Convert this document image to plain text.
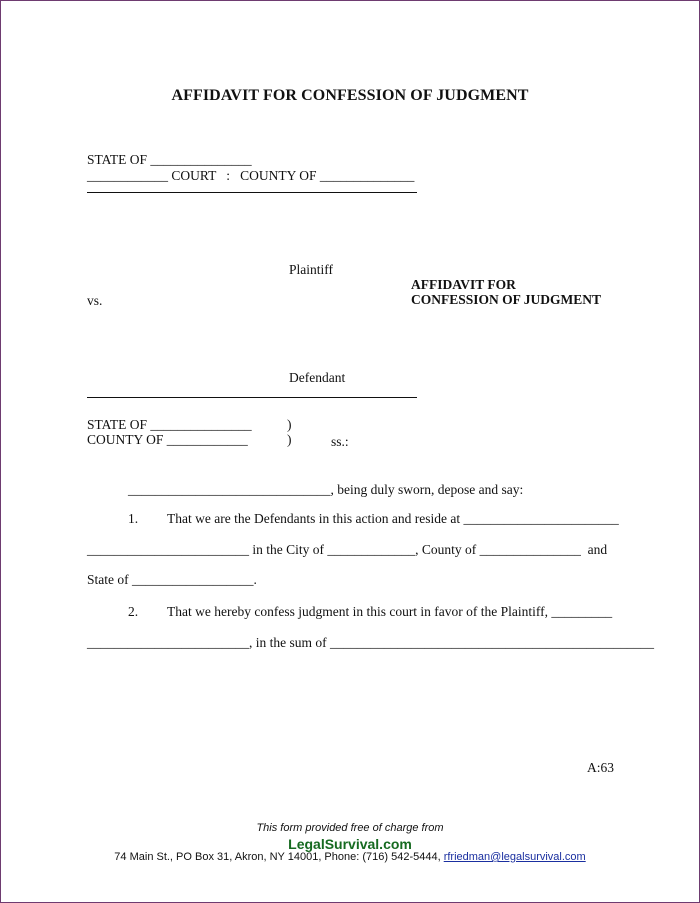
AFFIDAVIT FOR CONFESSION OF JUDGMENT
STATE OF _______________
____________ COURT   :   COUNTY OF ______________
Plaintiff
AFFIDAVIT FOR
vs.	CONFESSION OF JUDGMENT
Defendant
STATE OF _______________	)
COUNTY OF ____________	)	ss.:
______________________________, being duly sworn, depose and say:
1. That we are the Defendants in this action and reside at _______________________
________________________ in the City of _____________, County of _______________  and
State of __________________.
2. That we hereby confess judgment in this court in favor of the Plaintiff, _________
________________________, in the sum of ________________________________________________
A:63
This form provided free of charge from
LegalSurvival.com
74 Main St., PO Box 31, Akron, NY 14001, Phone: (716) 542-5444, rfriedman@legalsurvival.com
